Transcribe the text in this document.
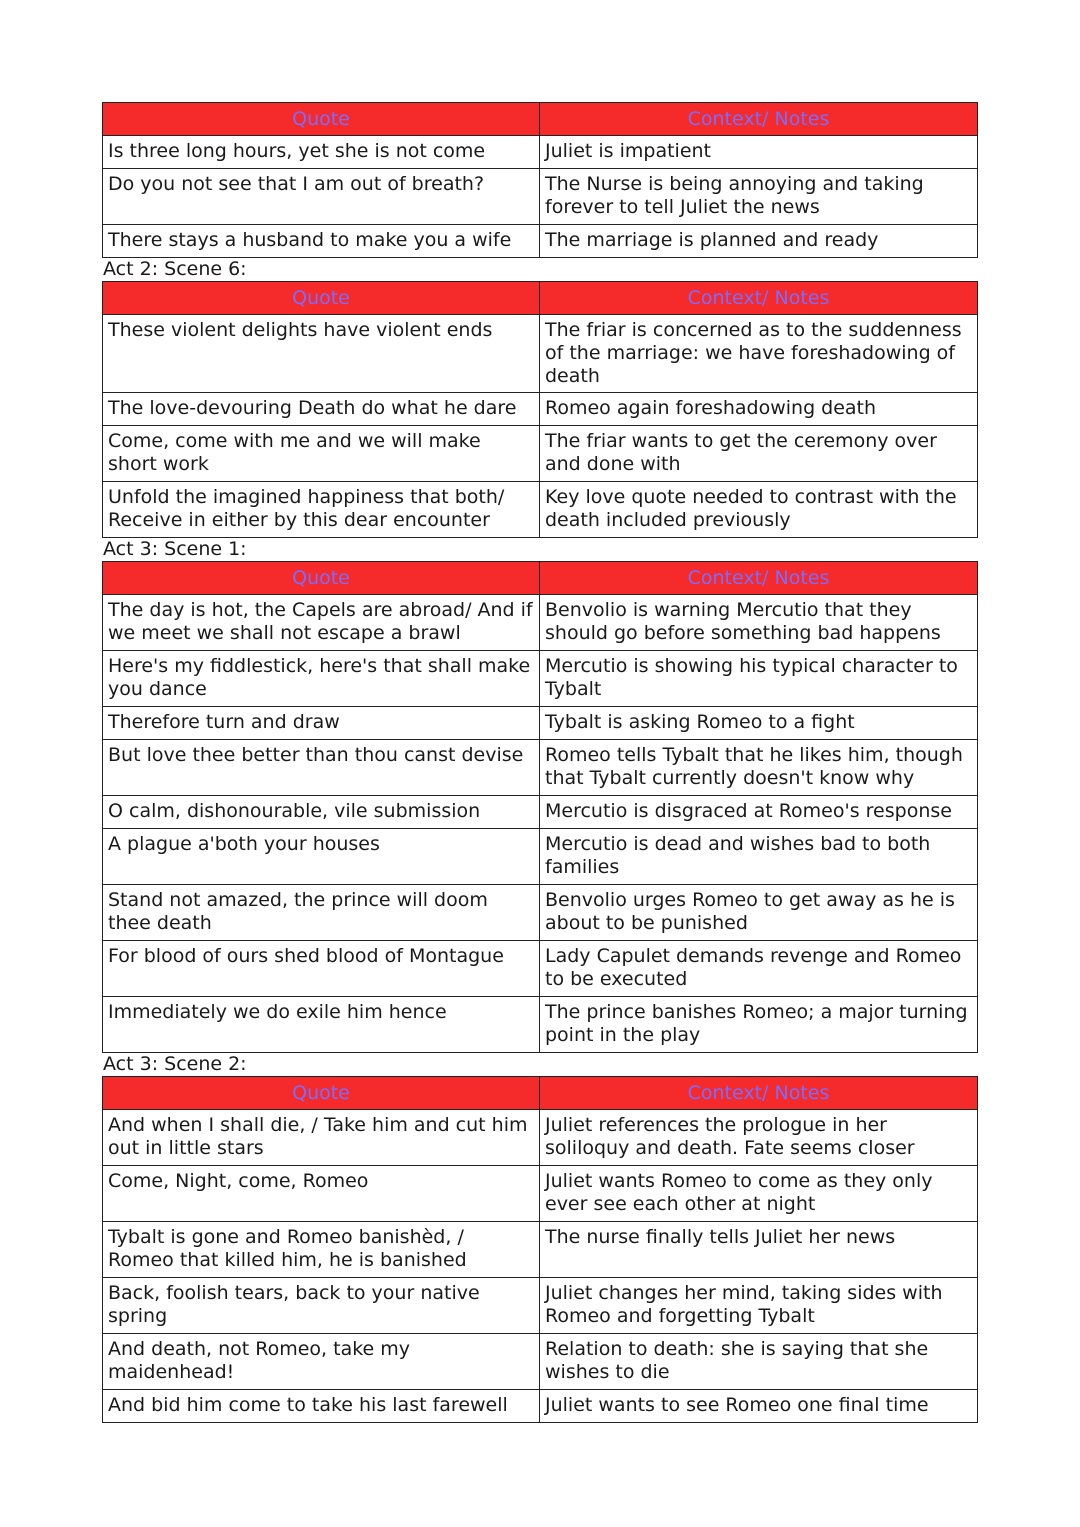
Quote	Context/ Notes
Is three long hours, yet she is not come	Juliet is impatient
Do you not see that I am out of breath?	The Nurse is being annoying and taking forever to tell Juliet the news
There stays a husband to make you a wife	The marriage is planned and ready
Act 2: Scene 6:
Quote	Context/ Notes
These violent delights have violent ends	The friar is concerned as to the suddenness of the marriage: we have foreshadowing of death
The love-devouring Death do what he dare	Romeo again foreshadowing death
Come, come with me and we will make short work	The friar wants to get the ceremony over and done with
Unfold the imagined happiness that both/ Receive in either by this dear encounter	Key love quote needed to contrast with the death included previously
Act 3: Scene 1:
Quote	Context/ Notes
The day is hot, the Capels are abroad/ And if we meet we shall not escape a brawl	Benvolio is warning Mercutio that they should go before something bad happens
Here's my fiddlestick, here's that shall make you dance	Mercutio is showing his typical character to Tybalt
Therefore turn and draw	Tybalt is asking Romeo to a fight
But love thee better than thou canst devise	Romeo tells Tybalt that he likes him, though that Tybalt currently doesn't know why
O calm, dishonourable, vile submission	Mercutio is disgraced at Romeo's response
A plague a'both your houses	Mercutio is dead and wishes bad to both families
Stand not amazed, the prince will doom thee death	Benvolio urges Romeo to get away as he is about to be punished
For blood of ours shed blood of Montague	Lady Capulet demands revenge and Romeo to be executed
Immediately we do exile him hence	The prince banishes Romeo; a major turning point in the play
Act 3: Scene 2:
Quote	Context/ Notes
And when I shall die, / Take him and cut him out in little stars	Juliet references the prologue in her soliloquy and death. Fate seems closer
Come, Night, come, Romeo	Juliet wants Romeo to come as they only ever see each other at night
Tybalt is gone and Romeo banishèd, / Romeo that killed him, he is banished	The nurse finally tells Juliet her news
Back, foolish tears, back to your native spring	Juliet changes her mind, taking sides with Romeo and forgetting Tybalt
And death, not Romeo, take my maidenhead!	Relation to death: she is saying that she wishes to die
And bid him come to take his last farewell	Juliet wants to see Romeo one final time
